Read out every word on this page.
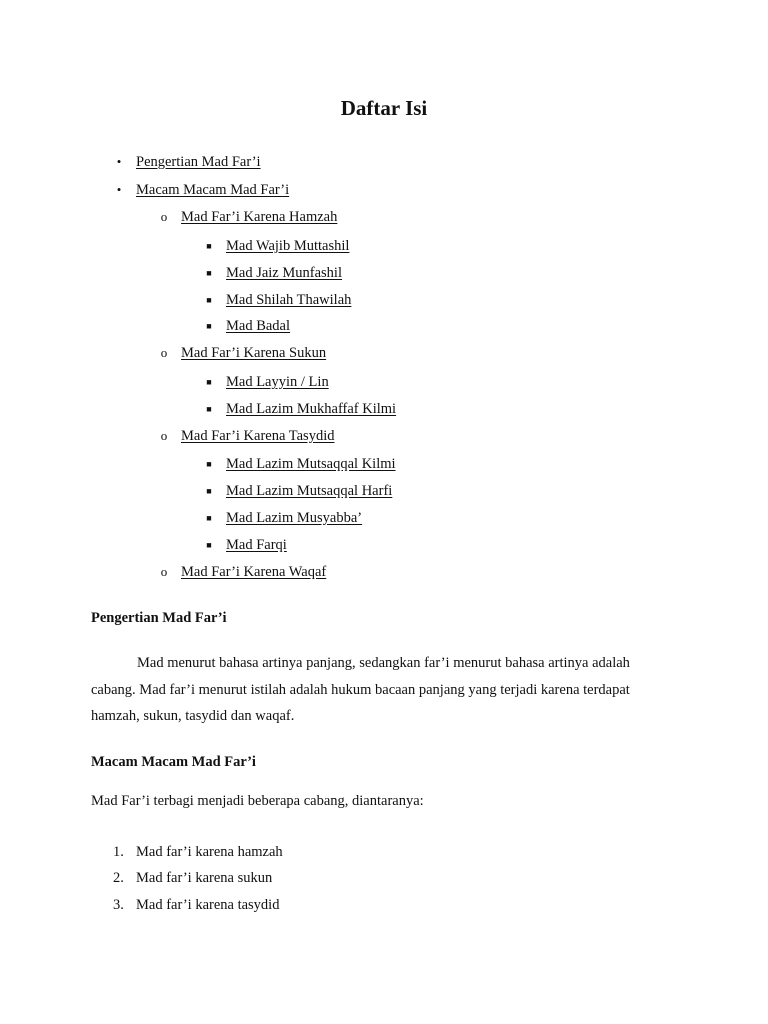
Daftar Isi
•	Pengertian Mad Far’i
•	Macam Macam Mad Far’i
o Mad Far’i Karena Hamzah
■ Mad Wajib Muttashil
■ Mad Jaiz Munfashil
■ Mad Shilah Thawilah
■ Mad Badal
o Mad Far’i Karena Sukun
■ Mad Layyin / Lin
■ Mad Lazim Mukhaffaf Kilmi
o Mad Far’i Karena Tasydid
■ Mad Lazim Mutsaqqal Kilmi
■ Mad Lazim Mutsaqqal Harfi
■ Mad Lazim Musyabba’
■ Mad Farqi
o Mad Far’i Karena Waqaf
Pengertian Mad Far’i
Mad menurut bahasa artinya panjang, sedangkan far’i menurut bahasa artinya adalah cabang. Mad far’i menurut istilah adalah hukum bacaan panjang yang terjadi karena terdapat hamzah, sukun, tasydid dan waqaf.
Macam Macam Mad Far’i
Mad Far’i terbagi menjadi beberapa cabang, diantaranya:
1. Mad far’i karena hamzah
2. Mad far’i karena sukun
3. Mad far’i karena tasydid
